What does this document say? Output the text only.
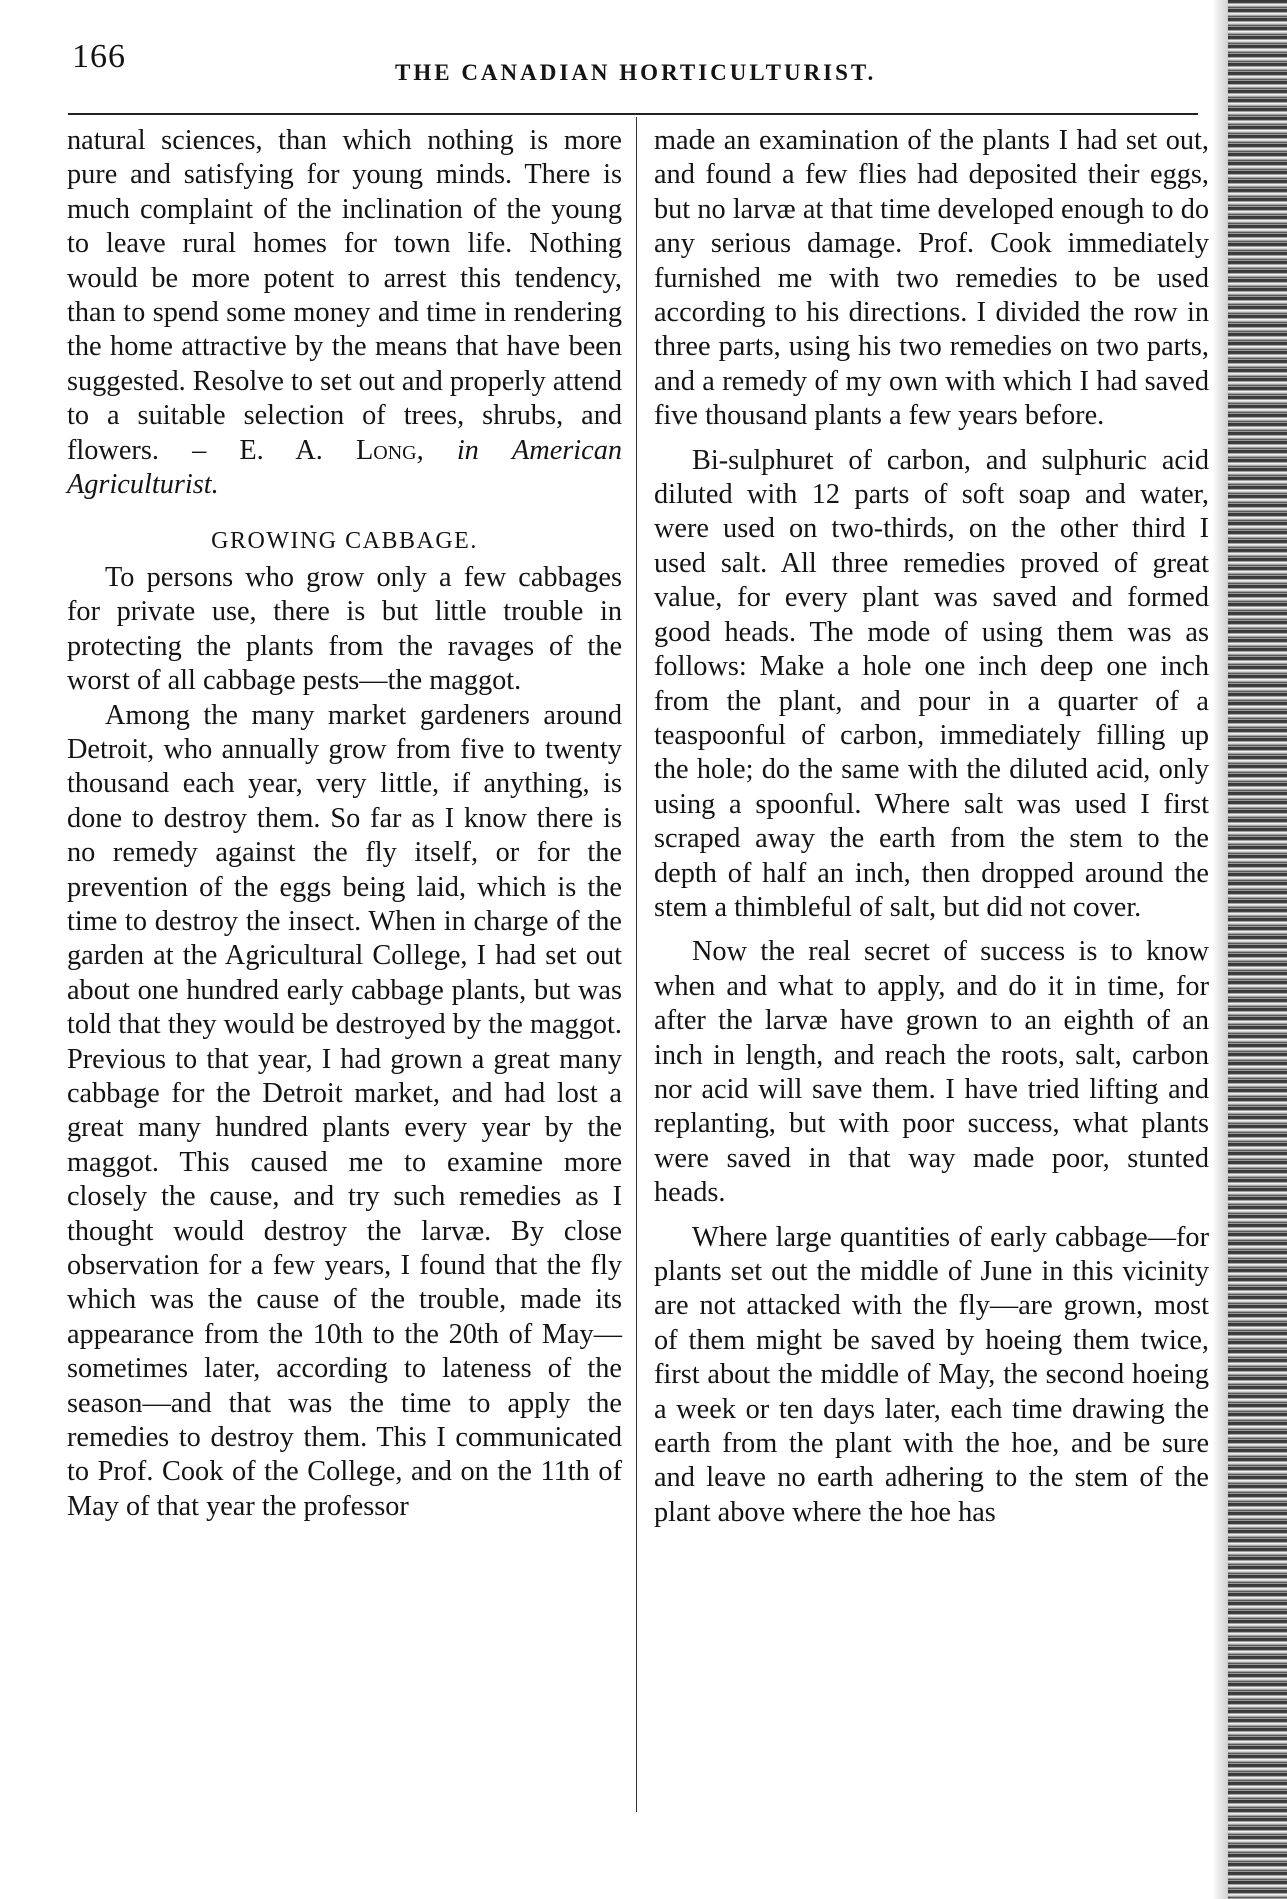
166	THE CANADIAN HORTICULTURIST.

natural sciences, than which nothing is more pure and satisfying for young minds. There is much complaint of the inclination of the young to leave rural homes for town life. Nothing would be more potent to arrest this tendency, than to spend some money and time in rendering the home attractive by the means that have been suggested. Resolve to set out and properly attend to a suitable selection of trees, shrubs, and flowers. – E. A. Long, in American Agriculturist.

GROWING CABBAGE.

To persons who grow only a few cabbages for private use, there is but little trouble in protecting the plants from the ravages of the worst of all cabbage pests—the maggot.

Among the many market gardeners around Detroit, who annually grow from five to twenty thousand each year, very little, if anything, is done to destroy them. So far as I know there is no remedy against the fly itself, or for the prevention of the eggs being laid, which is the time to destroy the insect. When in charge of the garden at the Agricultural College, I had set out about one hundred early cabbage plants, but was told that they would be destroyed by the maggot. Previous to that year, I had grown a great many cabbage for the Detroit market, and had lost a great many hundred plants every year by the maggot. This caused me to examine more closely the cause, and try such remedies as I thought would destroy the larvæ. By close observation for a few years, I found that the fly which was the cause of the trouble, made its appearance from the 10th to the 20th of May—sometimes later, according to lateness of the season—and that was the time to apply the remedies to destroy them. This I communicated to Prof. Cook of the College, and on the 11th of May of that year the professor

made an examination of the plants I had set out, and found a few flies had deposited their eggs, but no larvæ at that time developed enough to do any serious damage. Prof. Cook immediately furnished me with two remedies to be used according to his directions. I divided the row in three parts, using his two remedies on two parts, and a remedy of my own with which I had saved five thousand plants a few years before.

Bi-sulphuret of carbon, and sulphuric acid diluted with 12 parts of soft soap and water, were used on two-thirds, on the other third I used salt. All three remedies proved of great value, for every plant was saved and formed good heads. The mode of using them was as follows: Make a hole one inch deep one inch from the plant, and pour in a quarter of a teaspoonful of carbon, immediately filling up the hole; do the same with the diluted acid, only using a spoonful. Where salt was used I first scraped away the earth from the stem to the depth of half an inch, then dropped around the stem a thimbleful of salt, but did not cover.

Now the real secret of success is to know when and what to apply, and do it in time, for after the larvæ have grown to an eighth of an inch in length, and reach the roots, salt, carbon nor acid will save them. I have tried lifting and replanting, but with poor success, what plants were saved in that way made poor, stunted heads.

Where large quantities of early cabbage—for plants set out the middle of June in this vicinity are not attacked with the fly—are grown, most of them might be saved by hoeing them twice, first about the middle of May, the second hoeing a week or ten days later, each time drawing the earth from the plant with the hoe, and be sure and leave no earth adhering to the stem of the plant above where the hoe has
